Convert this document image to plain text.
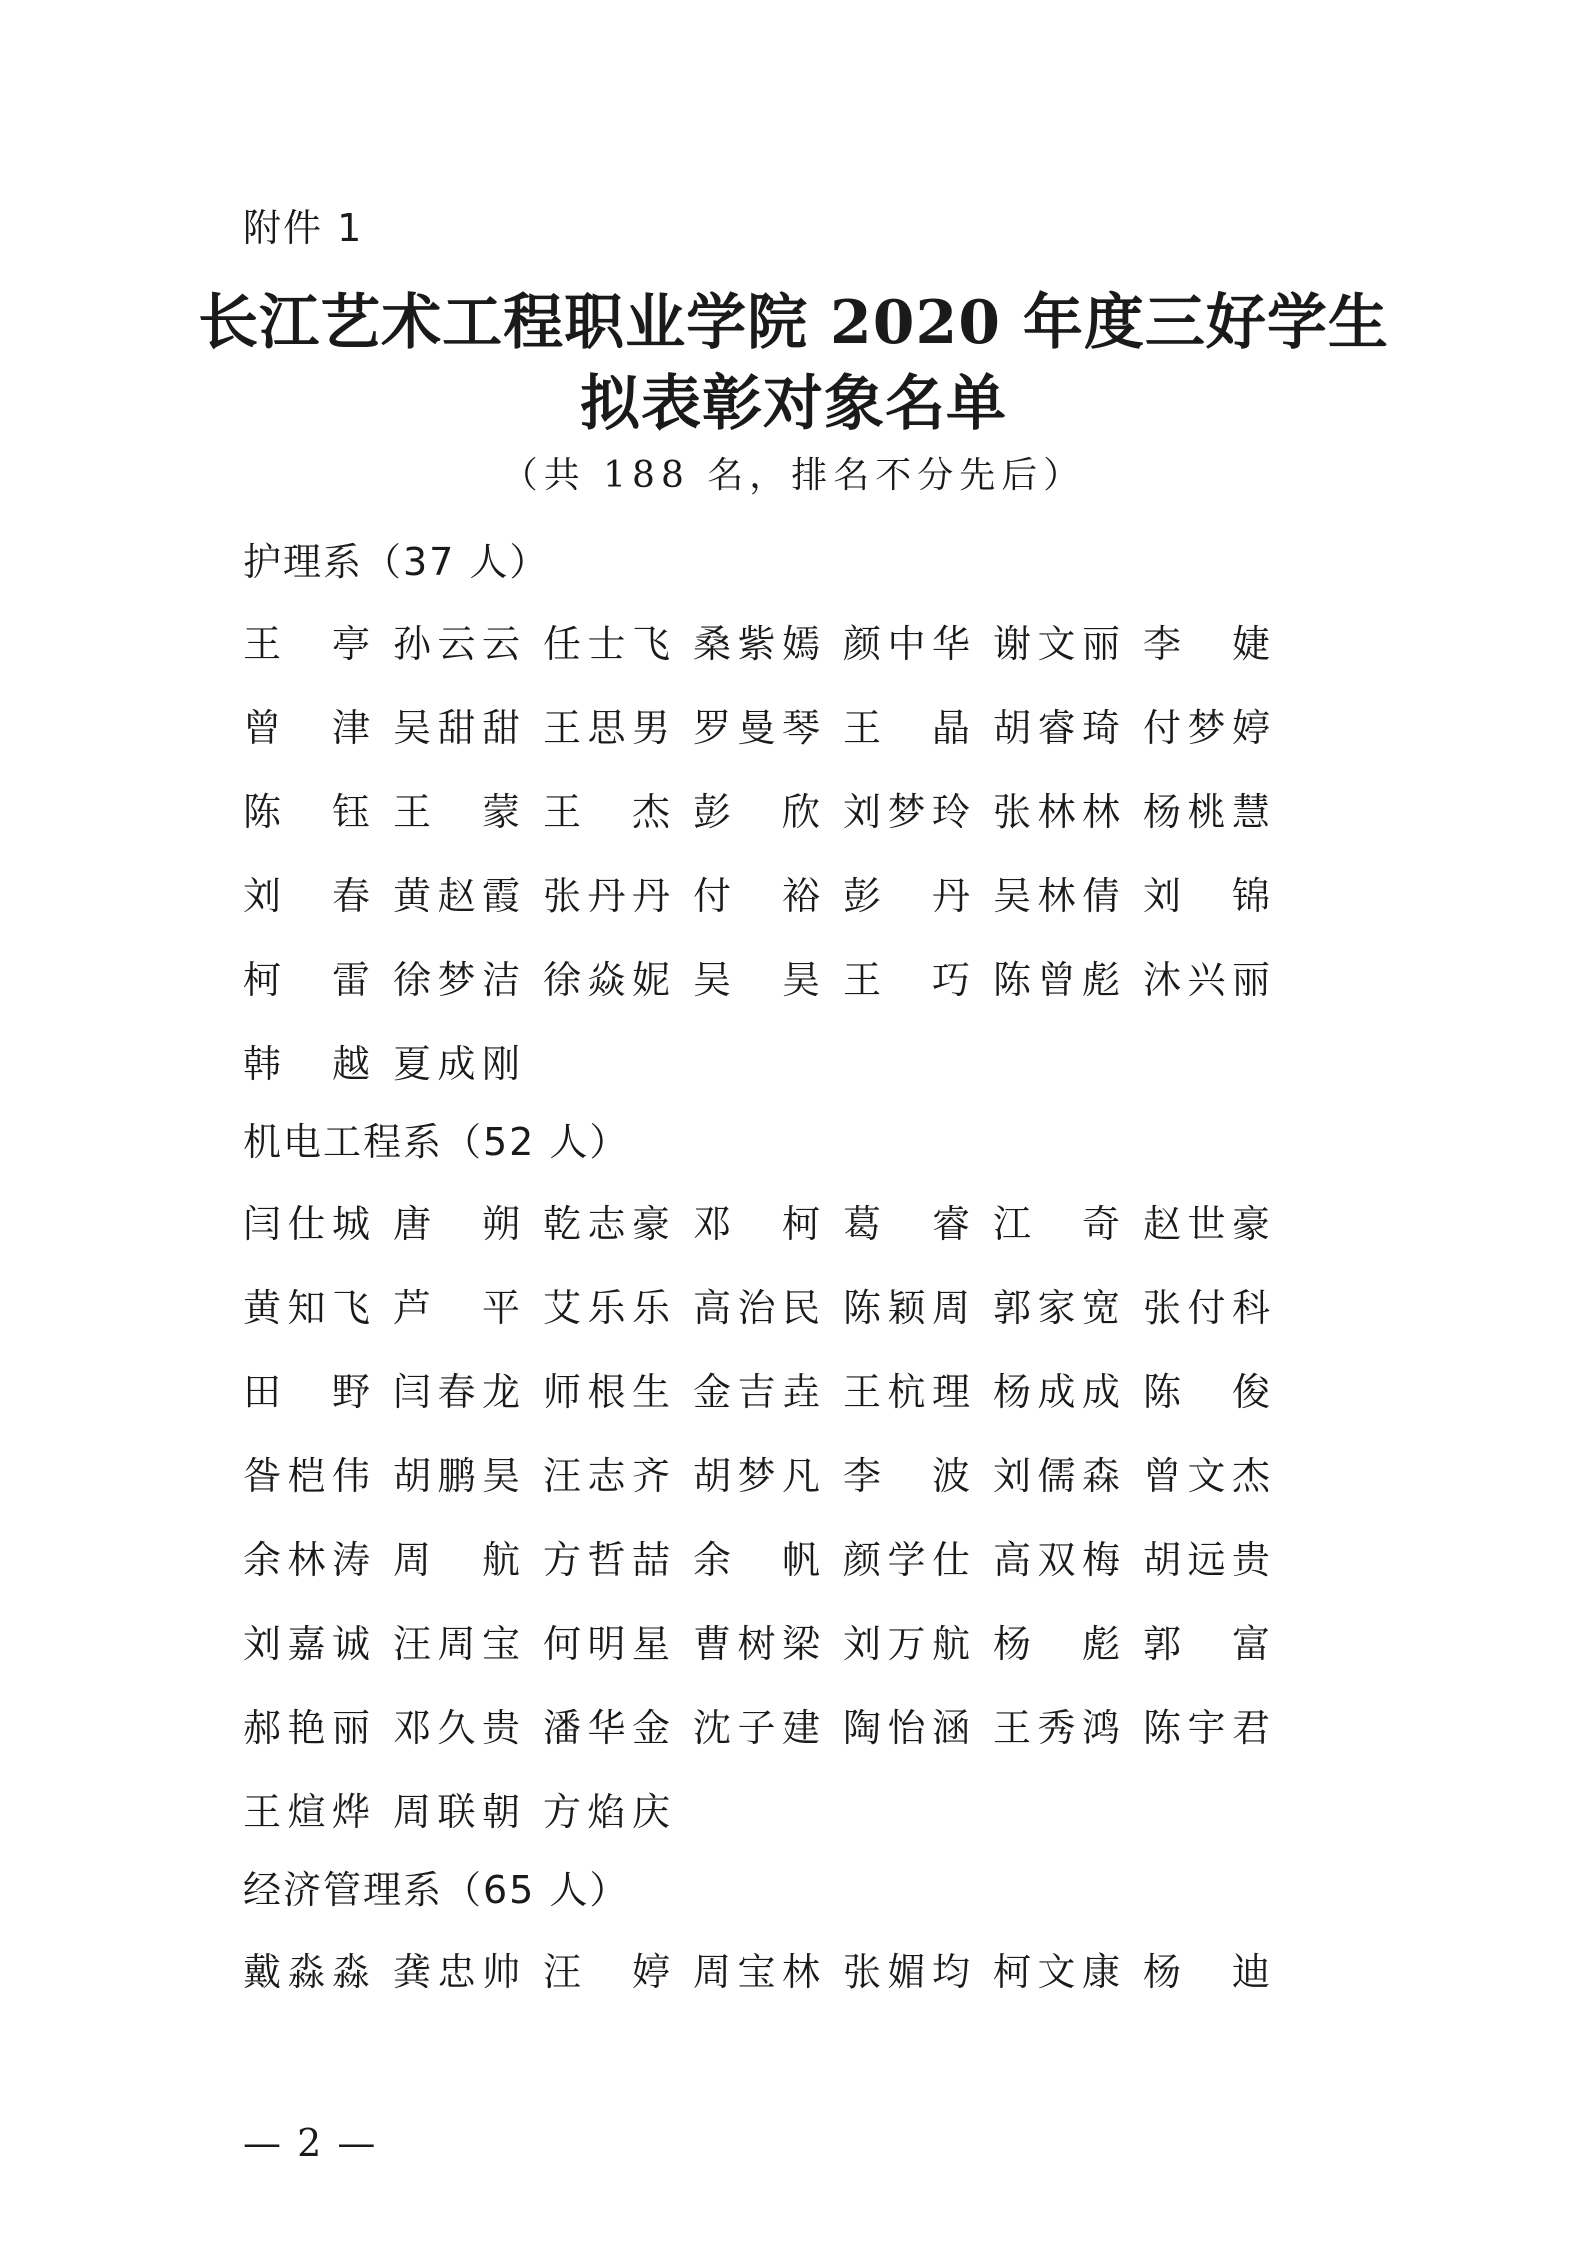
附件 1
长江艺术工程职业学院 2020 年度三好学生
拟表彰对象名单
（共 188 名，排名不分先后）
护理系（37 人）
王 亭 孙 云 云 任 士 飞 桑 紫 嫣 颜 中 华 谢 文 丽 李 婕
曾 津 吴 甜 甜 王 思 男 罗 曼 琴 王 晶 胡 睿 琦 付 梦 婷
陈 钰 王 蒙 王 杰 彭 欣 刘 梦 玲 张 林 林 杨 桃 慧
刘 春 黄 赵 霞 张 丹 丹 付 裕 彭 丹 吴 林 倩 刘 锦
柯 雷 徐 梦 洁 徐 焱 妮 吴 昊 王 巧 陈 曾 彪 沐 兴 丽
韩 越 夏 成 刚
机电工程系（52 人）
闫 仕 城 唐 朔 乾 志 豪 邓 柯 葛 睿 江 奇 赵 世 豪
黄 知 飞 芦 平 艾 乐 乐 高 治 民 陈 颖 周 郭 家 宽 张 付 科
田 野 闫 春 龙 师 根 生 金 吉 垚 王 杭 理 杨 成 成 陈 俊
昝 桤 伟 胡 鹏 昊 汪 志 齐 胡 梦 凡 李 波 刘 儒 森 曾 文 杰
余 林 涛 周 航 方 哲 喆 余 帆 颜 学 仕 高 双 梅 胡 远 贵
刘 嘉 诚 汪 周 宝 何 明 星 曹 树 梁 刘 万 航 杨 彪 郭 富
郝 艳 丽 邓 久 贵 潘 华 金 沈 子 建 陶 怡 涵 王 秀 鸿 陈 宇 君
王 煊 烨 周 联 朝 方 焰 庆
经济管理系（65 人）
戴 淼 淼 龚 忠 帅 汪 婷 周 宝 林 张 媚 均 柯 文 康 杨 迪
— 2 —
